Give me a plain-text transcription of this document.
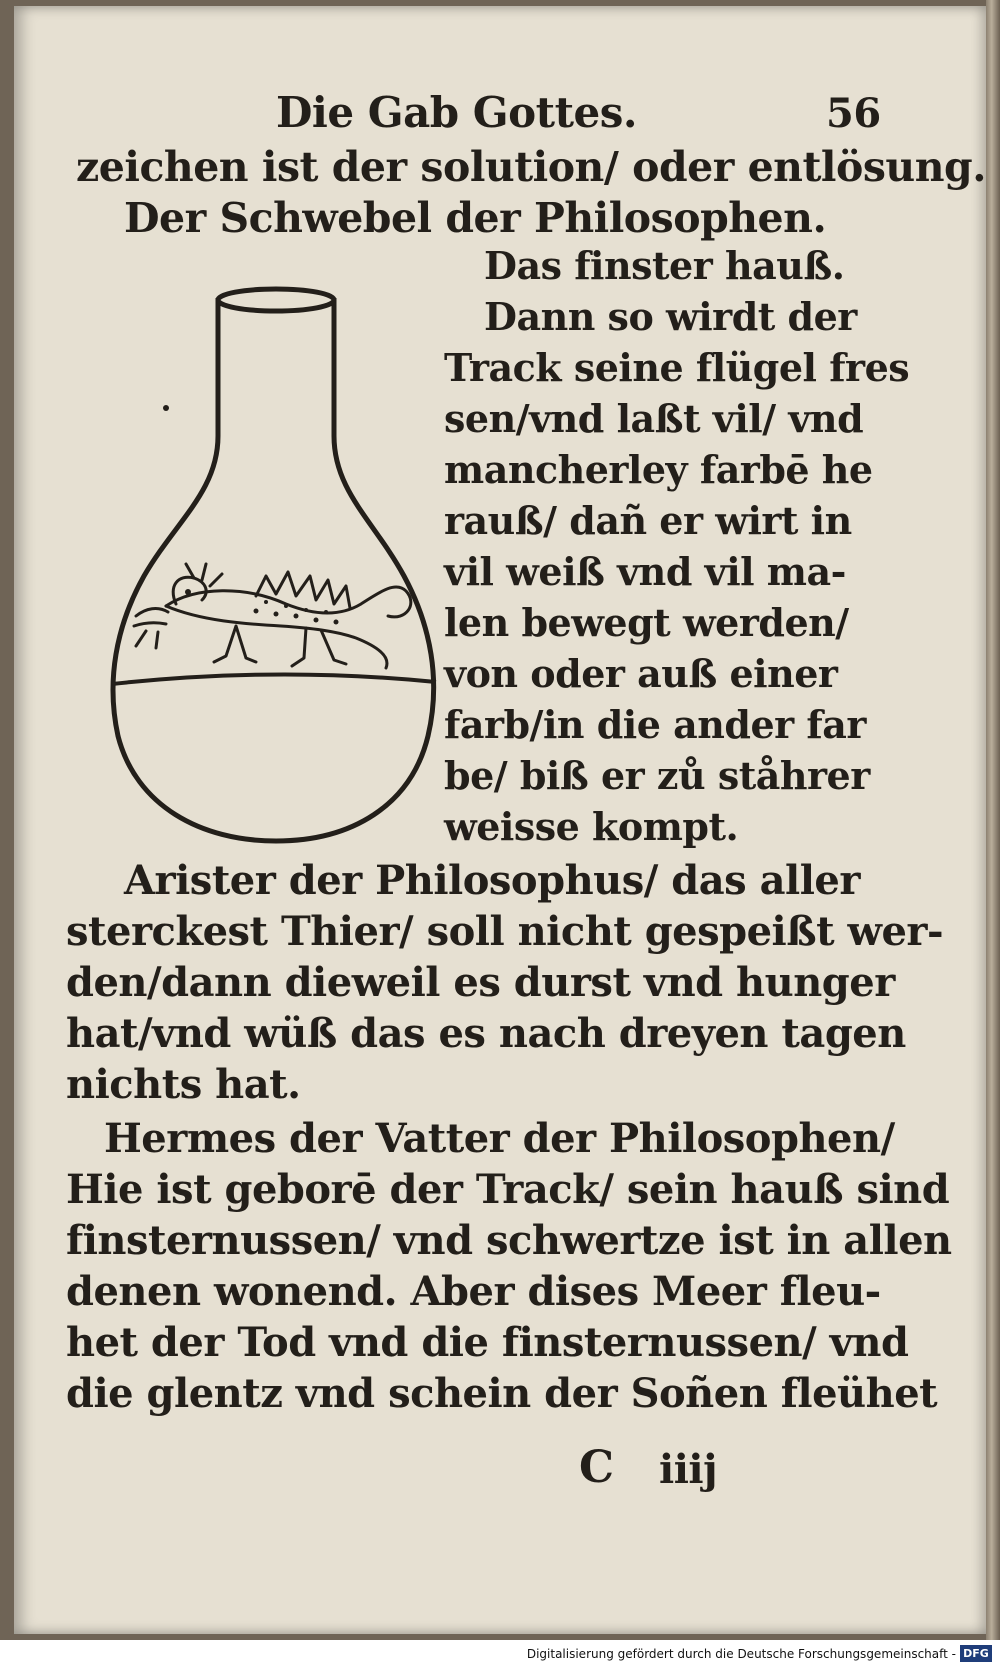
Die Gab Gottes.	56
zeichen ist der solution/ oder entlösung.
Der Schwebel der Philosophen.
Das finster hauß.
Dann so wirdt der
Track seine flügel fres
sen/vnd laßt vil/ vnd
mancherley farbē he
rauß/ dañ er wirt in
vil weiß vnd vil ma-
len bewegt werden/
von oder auß einer
farb/in die ander far
be/ biß er zů ståhrer
weisse kompt.
Arister der Philosophus/ das aller
sterckest Thier/ soll nicht gespeißt wer-
den/dann dieweil es durst vnd hunger
hat/vnd wüß das es nach dreyen tagen
nichts hat.
Hermes der Vatter der Philosophen/
Hie ist geborē der Track/ sein hauß sind
finsternussen/ vnd schwertze ist in allen
denen wonend. Aber dises Meer fleu-
het der Tod vnd die finsternussen/ vnd
die glentz vnd schein der Soñen fleühet
C iiij
Digitalisierung gefördert durch die Deutsche Forschungsgemeinschaft - DFG
